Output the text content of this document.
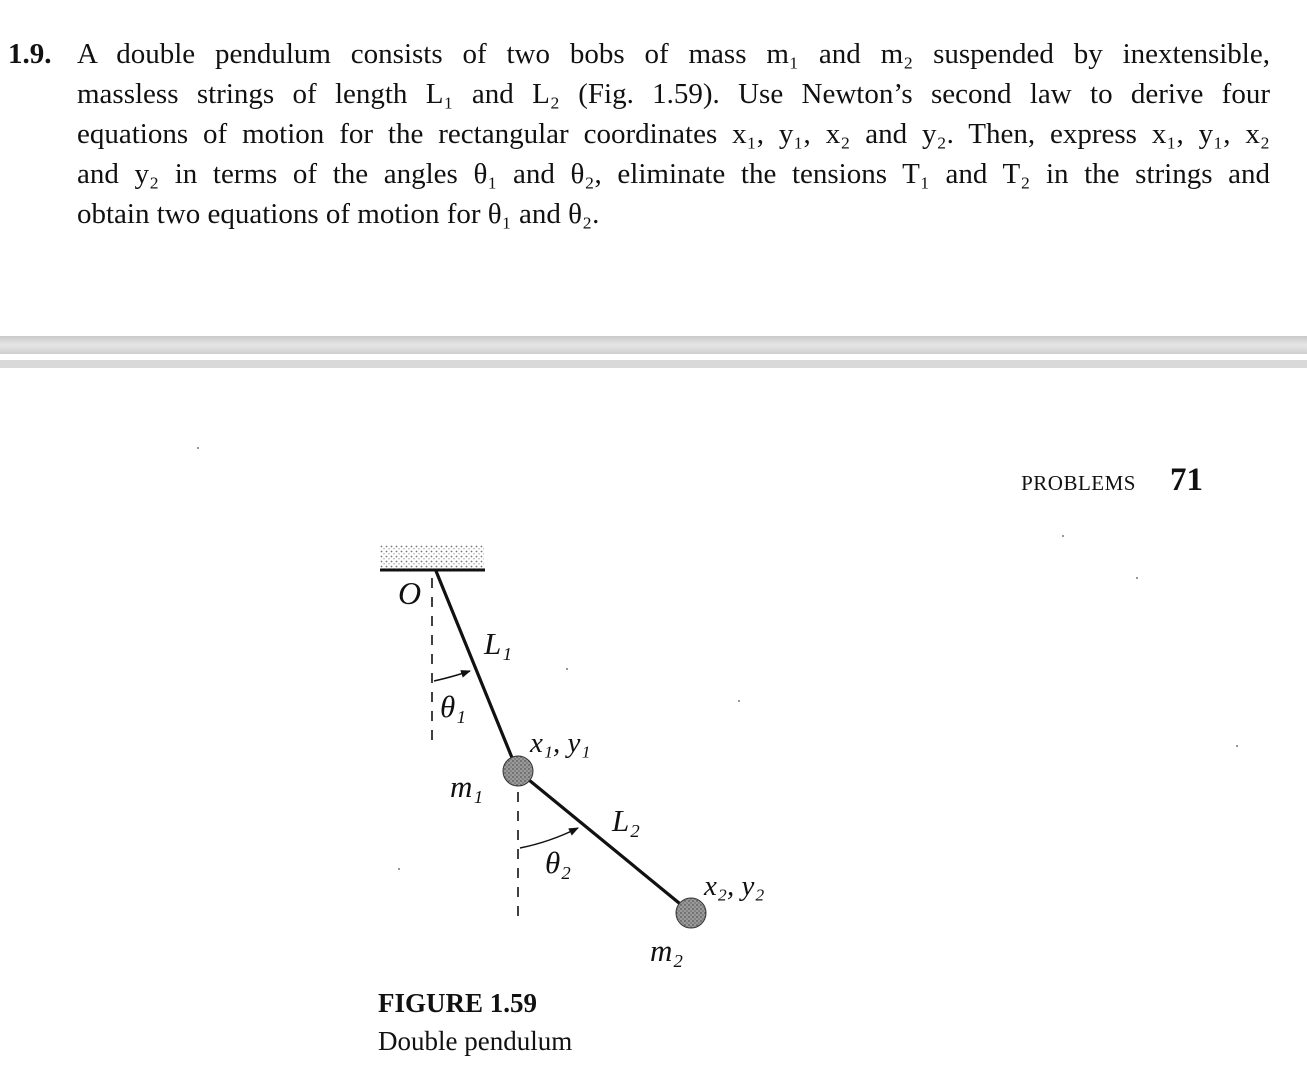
1.9. A double pendulum consists of two bobs of mass m₁ and m₂ suspended by inextensible,
massless strings of length L₁ and L₂ (Fig. 1.59). Use Newton’s second law to derive four
equations of motion for the rectangular coordinates x₁, y₁, x₂ and y₂. Then, express x₁, y₁, x₂
and y₂ in terms of the angles θ₁ and θ₂, eliminate the tensions T₁ and T₂ in the strings and
obtain two equations of motion for θ₁ and θ₂.
PROBLEMS 71
O
L₁
θ₁
x₁, y₁
m₁
L₂
θ₂
x₂, y₂
m₂
FIGURE 1.59
Double pendulum
